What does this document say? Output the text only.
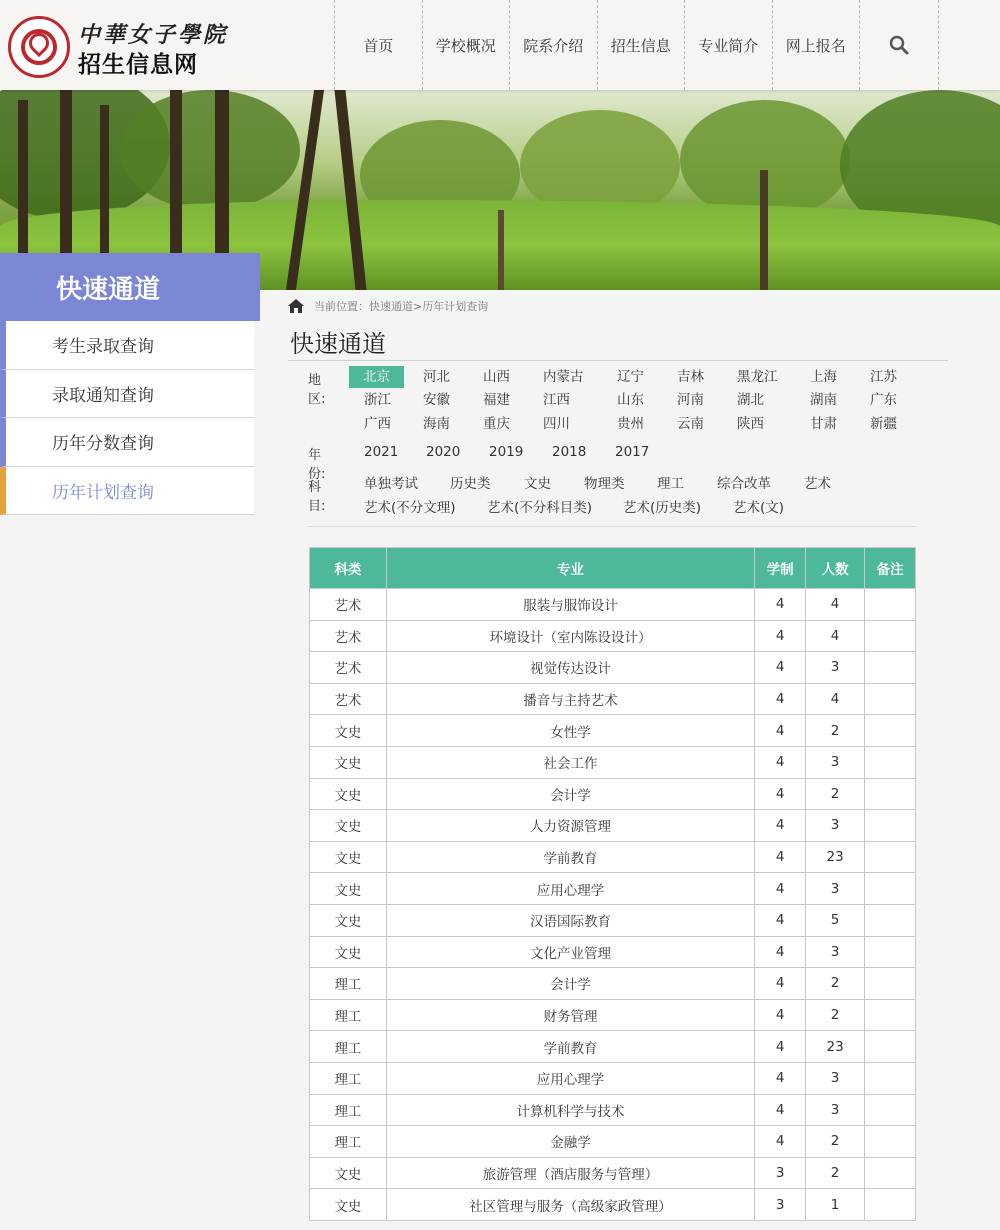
中華女子學院
招生信息网
首页	学校概况	院系介绍	招生信息	专业简介	网上报名
快速通道
考生录取查询
录取通知查询
历年分数查询
历年计划查询
当前位置： 快速通道>历年计划查询
快速通道
地区:
北京	河北 山西 内蒙古 辽宁 吉林 黑龙江 上海 江苏
浙江 安徽 福建 江西	山东 河南 湖北	湖南 广东
广西 海南 重庆 四川	贵州 云南 陕西	甘肃 新疆
年份:
2021 2020 2019 2018 2017
科目:
单独考试 历史类 文史 物理类 理工 综合改革 艺术
艺术(不分文理) 艺术(不分科目类) 艺术(历史类) 艺术(文)
科类	专业	学制	人数	备注
艺术	服装与服饰设计	4	4	
艺术	环境设计（室内陈设设计）	4	4	
艺术	视觉传达设计	4	3	
艺术	播音与主持艺术	4	4	
文史	女性学	4	2	
文史	社会工作	4	3	
文史	会计学	4	2	
文史	人力资源管理	4	3	
文史	学前教育	4	23	
文史	应用心理学	4	3	
文史	汉语国际教育	4	5	
文史	文化产业管理	4	3	
理工	会计学	4	2	
理工	财务管理	4	2	
理工	学前教育	4	23	
理工	应用心理学	4	3	
理工	计算机科学与技术	4	3	
理工	金融学	4	2	
文史	旅游管理（酒店服务与管理）	3	2	
文史	社区管理与服务（高级家政管理）	3	1	
